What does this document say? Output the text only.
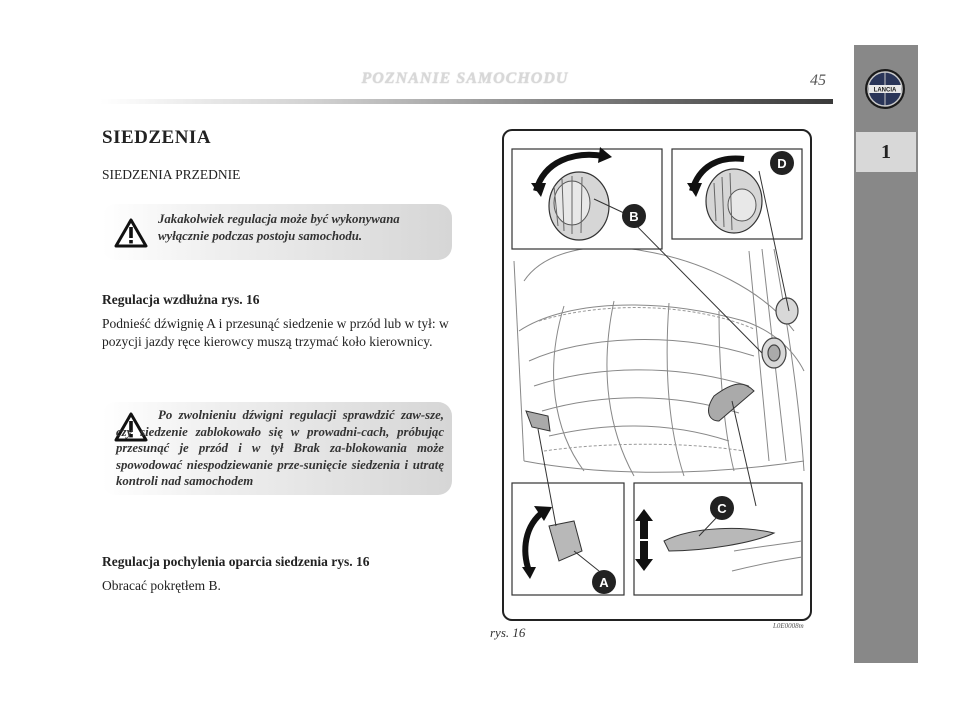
POZNANIE SAMOCHODU	45
LANCIA
1
SIEDZENIA
SIEDZENIA PRZEDNIE

Jakakolwiek regulacja może być wykonywana wyłącznie podczas postoju samochodu.

Regulacja wzdłużna rys. 16

Podnieść dźwignię A i przesunąć siedzenie w przód lub w tył: w pozycji jazdy ręce kierowcy muszą trzymać koło kierownicy.

Po zwolnieniu dźwigni regulacji sprawdzić zaw-sze, czy siedzenie zablokowało się w prowadni-cach, próbując przesunąć je przód i w tył Brak za-blokowania może spowodować niespodziewanie prze-sunięcie siedzenia i utratę kontroli nad samochodem

Regulacja pochylenia oparcia siedzenia rys. 16

Obracać pokrętłem B.

B
D
A
C
rys. 16	L0E0008m
